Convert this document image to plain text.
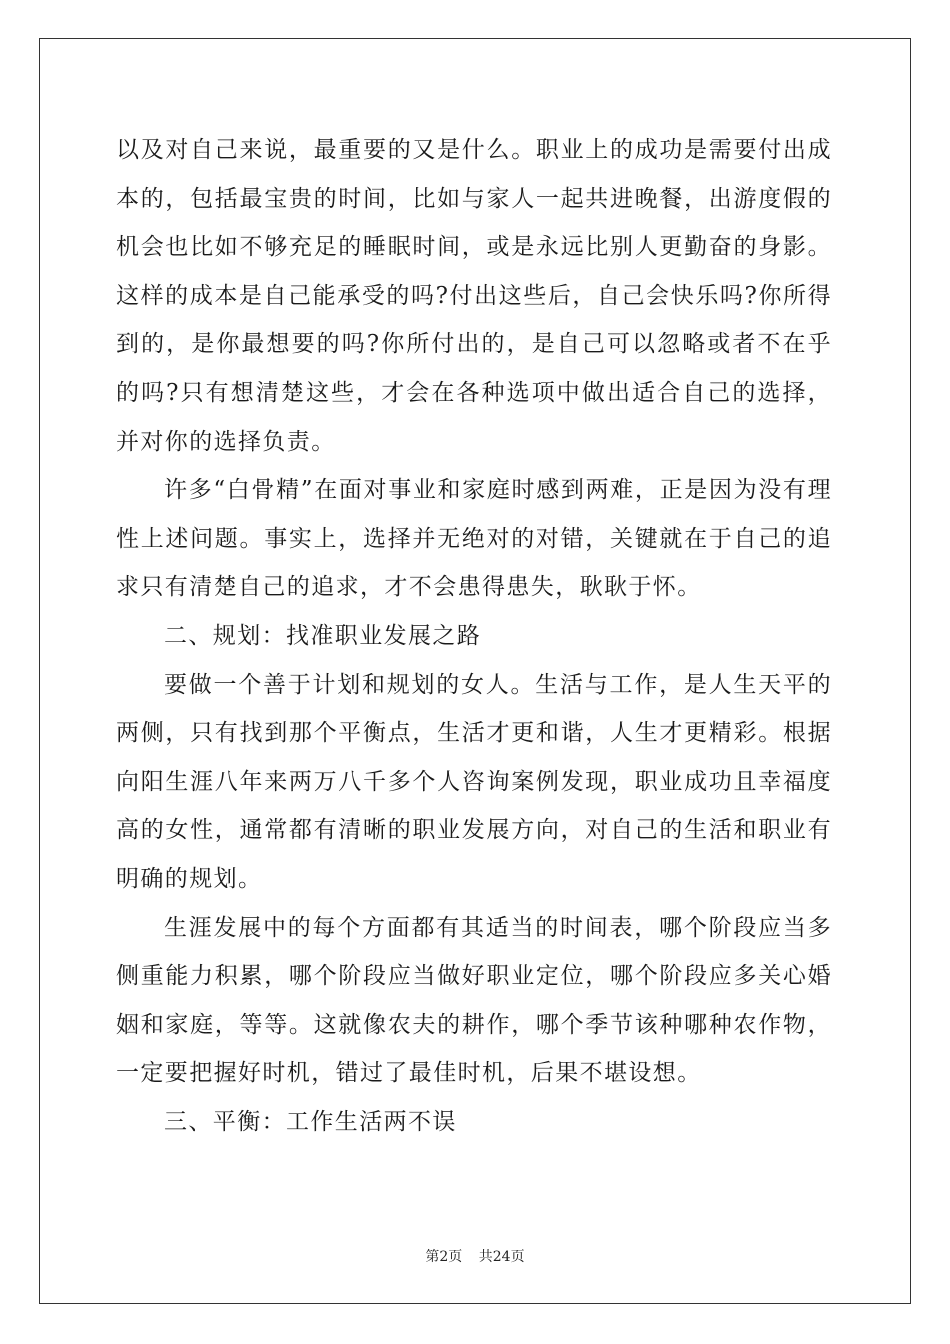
以及对自己来说，最重要的又是什么。职业上的成功是需要付出成本的，包括最宝贵的时间，比如与家人一起共进晚餐，出游度假的机会也比如不够充足的睡眠时间，或是永远比别人更勤奋的身影。这样的成本是自己能承受的吗?付出这些后，自己会快乐吗?你所得到的，是你最想要的吗?你所付出的，是自己可以忽略或者不在乎的吗?只有想清楚这些，才会在各种选项中做出适合自己的选择，并对你的选择负责。

许多“白骨精”在面对事业和家庭时感到两难，正是因为没有理性上述问题。事实上，选择并无绝对的对错，关键就在于自己的追求只有清楚自己的追求，才不会患得患失，耿耿于怀。

二、规划：找准职业发展之路

要做一个善于计划和规划的女人。生活与工作，是人生天平的两侧，只有找到那个平衡点，生活才更和谐，人生才更精彩。根据向阳生涯八年来两万八千多个人咨询案例发现，职业成功且幸福度高的女性，通常都有清晰的职业发展方向，对自己的生活和职业有明确的规划。

生涯发展中的每个方面都有其适当的时间表，哪个阶段应当多侧重能力积累，哪个阶段应当做好职业定位，哪个阶段应多关心婚姻和家庭，等等。这就像农夫的耕作，哪个季节该种哪种农作物，一定要把握好时机，错过了最佳时机，后果不堪设想。

三、平衡：工作生活两不误

第2页 共24页
